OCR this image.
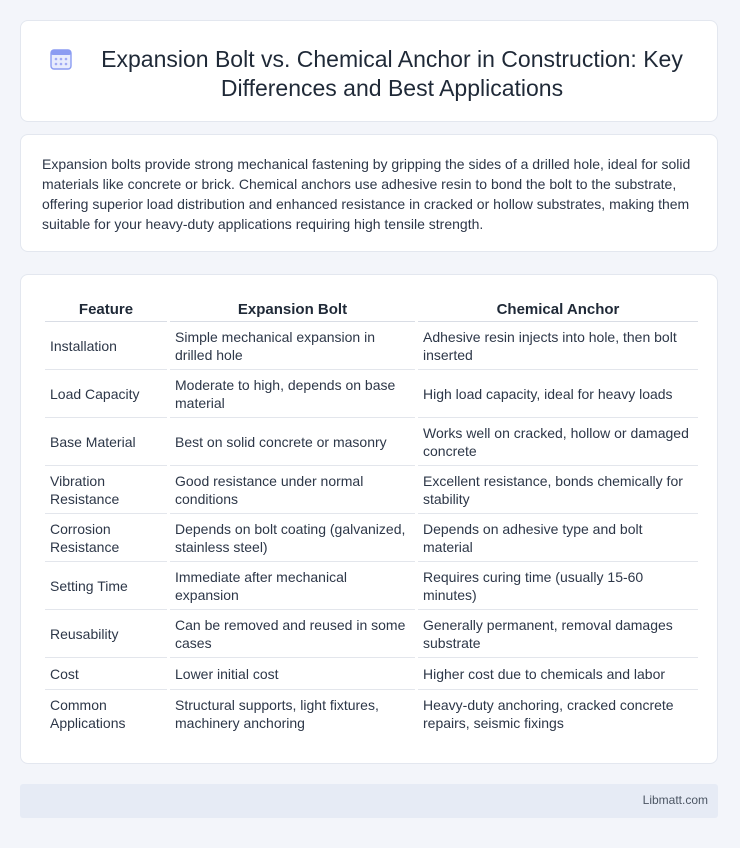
Expansion Bolt vs. Chemical Anchor in Construction: Key Differences and Best Applications

Expansion bolts provide strong mechanical fastening by gripping the sides of a drilled hole, ideal for solid materials like concrete or brick. Chemical anchors use adhesive resin to bond the bolt to the substrate, offering superior load distribution and enhanced resistance in cracked or hollow substrates, making them suitable for your heavy-duty applications requiring high tensile strength.

Feature	Expansion Bolt	Chemical Anchor
Installation	Simple mechanical expansion in drilled hole	Adhesive resin injects into hole, then bolt inserted
Load Capacity	Moderate to high, depends on base material	High load capacity, ideal for heavy loads
Base Material	Best on solid concrete or masonry	Works well on cracked, hollow or damaged concrete
Vibration Resistance	Good resistance under normal conditions	Excellent resistance, bonds chemically for stability
Corrosion Resistance	Depends on bolt coating (galvanized, stainless steel)	Depends on adhesive type and bolt material
Setting Time	Immediate after mechanical expansion	Requires curing time (usually 15-60 minutes)
Reusability	Can be removed and reused in some cases	Generally permanent, removal damages substrate
Cost	Lower initial cost	Higher cost due to chemicals and labor
Common Applications	Structural supports, light fixtures, machinery anchoring	Heavy-duty anchoring, cracked concrete repairs, seismic fixings
Libmatt.com
